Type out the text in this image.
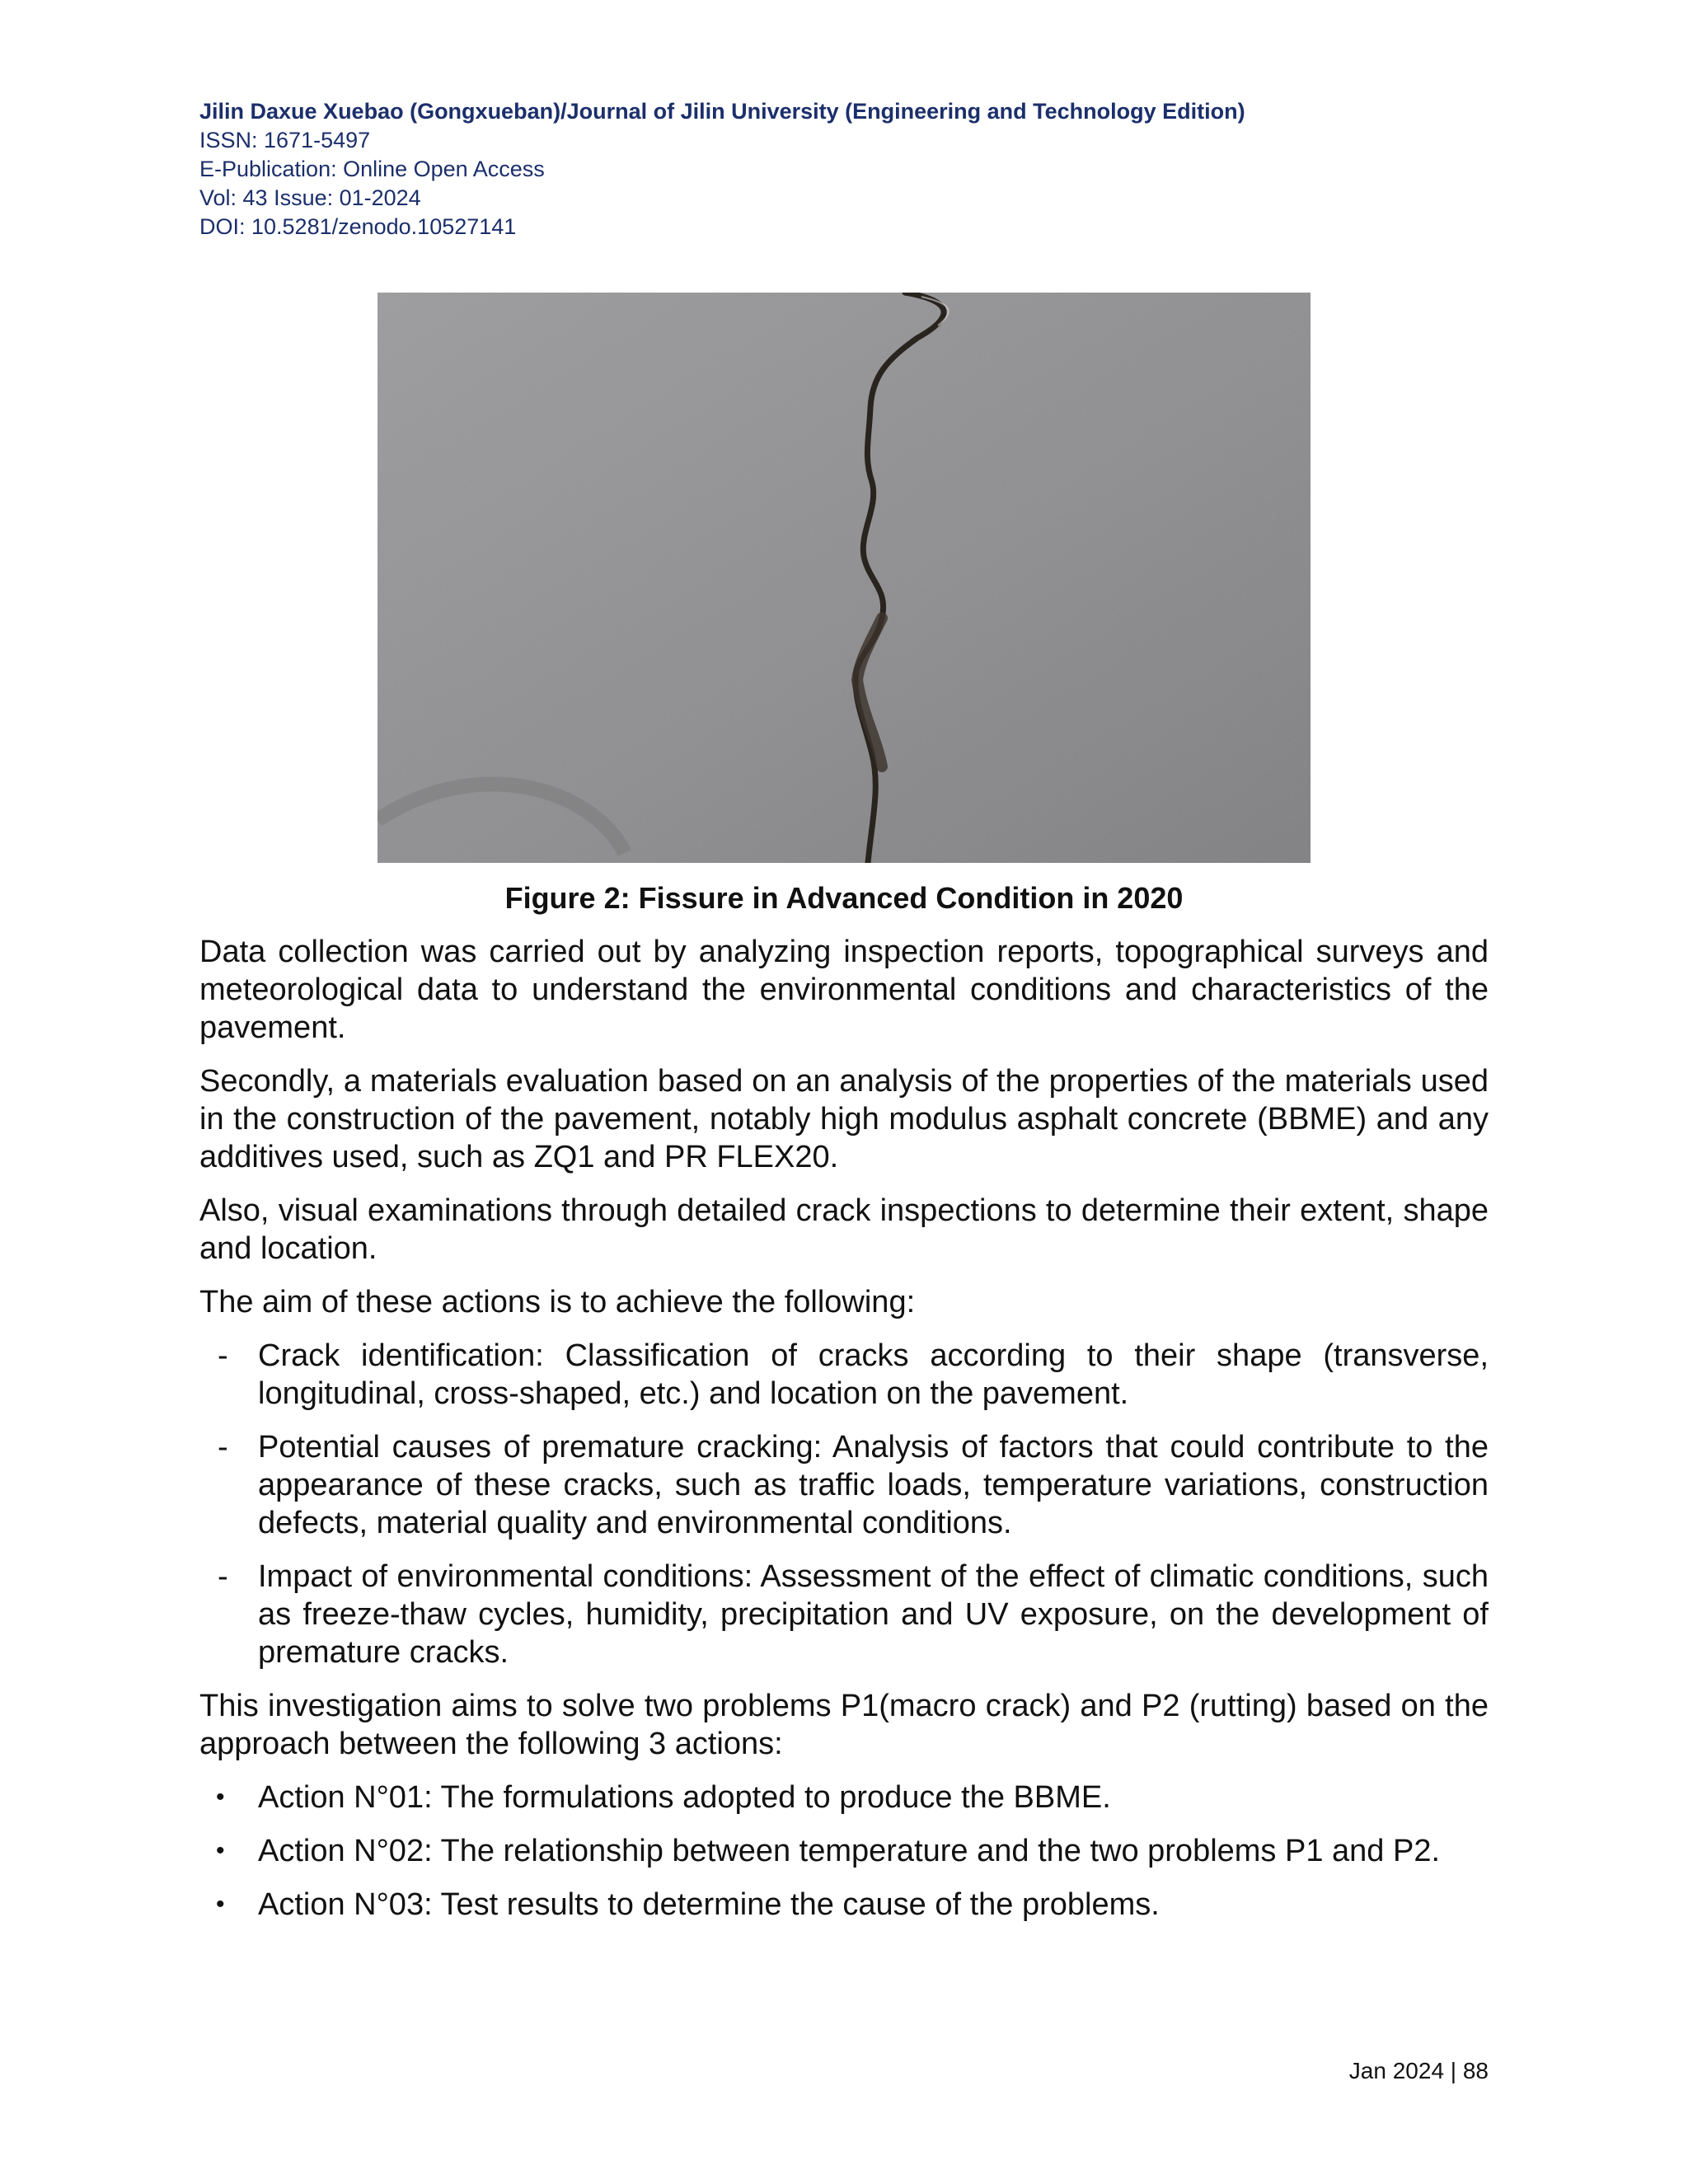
Jilin Daxue Xuebao (Gongxueban)/Journal of Jilin University (Engineering and Technology Edition)
ISSN: 1671-5497
E-Publication: Online Open Access
Vol: 43 Issue: 01-2024
DOI: 10.5281/zenodo.10527141
Figure 2: Fissure in Advanced Condition in 2020

Data collection was carried out by analyzing inspection reports, topographical surveys and meteorological data to understand the environmental conditions and characteristics of the pavement.

Secondly, a materials evaluation based on an analysis of the properties of the materials used in the construction of the pavement, notably high modulus asphalt concrete (BBME) and any additives used, such as ZQ1 and PR FLEX20.

Also, visual examinations through detailed crack inspections to determine their extent, shape and location.

The aim of these actions is to achieve the following:

- Crack identification: Classification of cracks according to their shape (transverse, longitudinal, cross-shaped, etc.) and location on the pavement.
- Potential causes of premature cracking: Analysis of factors that could contribute to the appearance of these cracks, such as traffic loads, temperature variations, construction defects, material quality and environmental conditions.
- Impact of environmental conditions: Assessment of the effect of climatic conditions, such as freeze-thaw cycles, humidity, precipitation and UV exposure, on the development of premature cracks.

This investigation aims to solve two problems P1(macro crack) and P2 (rutting) based on the approach between the following 3 actions:

• Action N°01: The formulations adopted to produce the BBME.
• Action N°02: The relationship between temperature and the two problems P1 and P2.
• Action N°03: Test results to determine the cause of the problems.
Jan 2024 | 88
